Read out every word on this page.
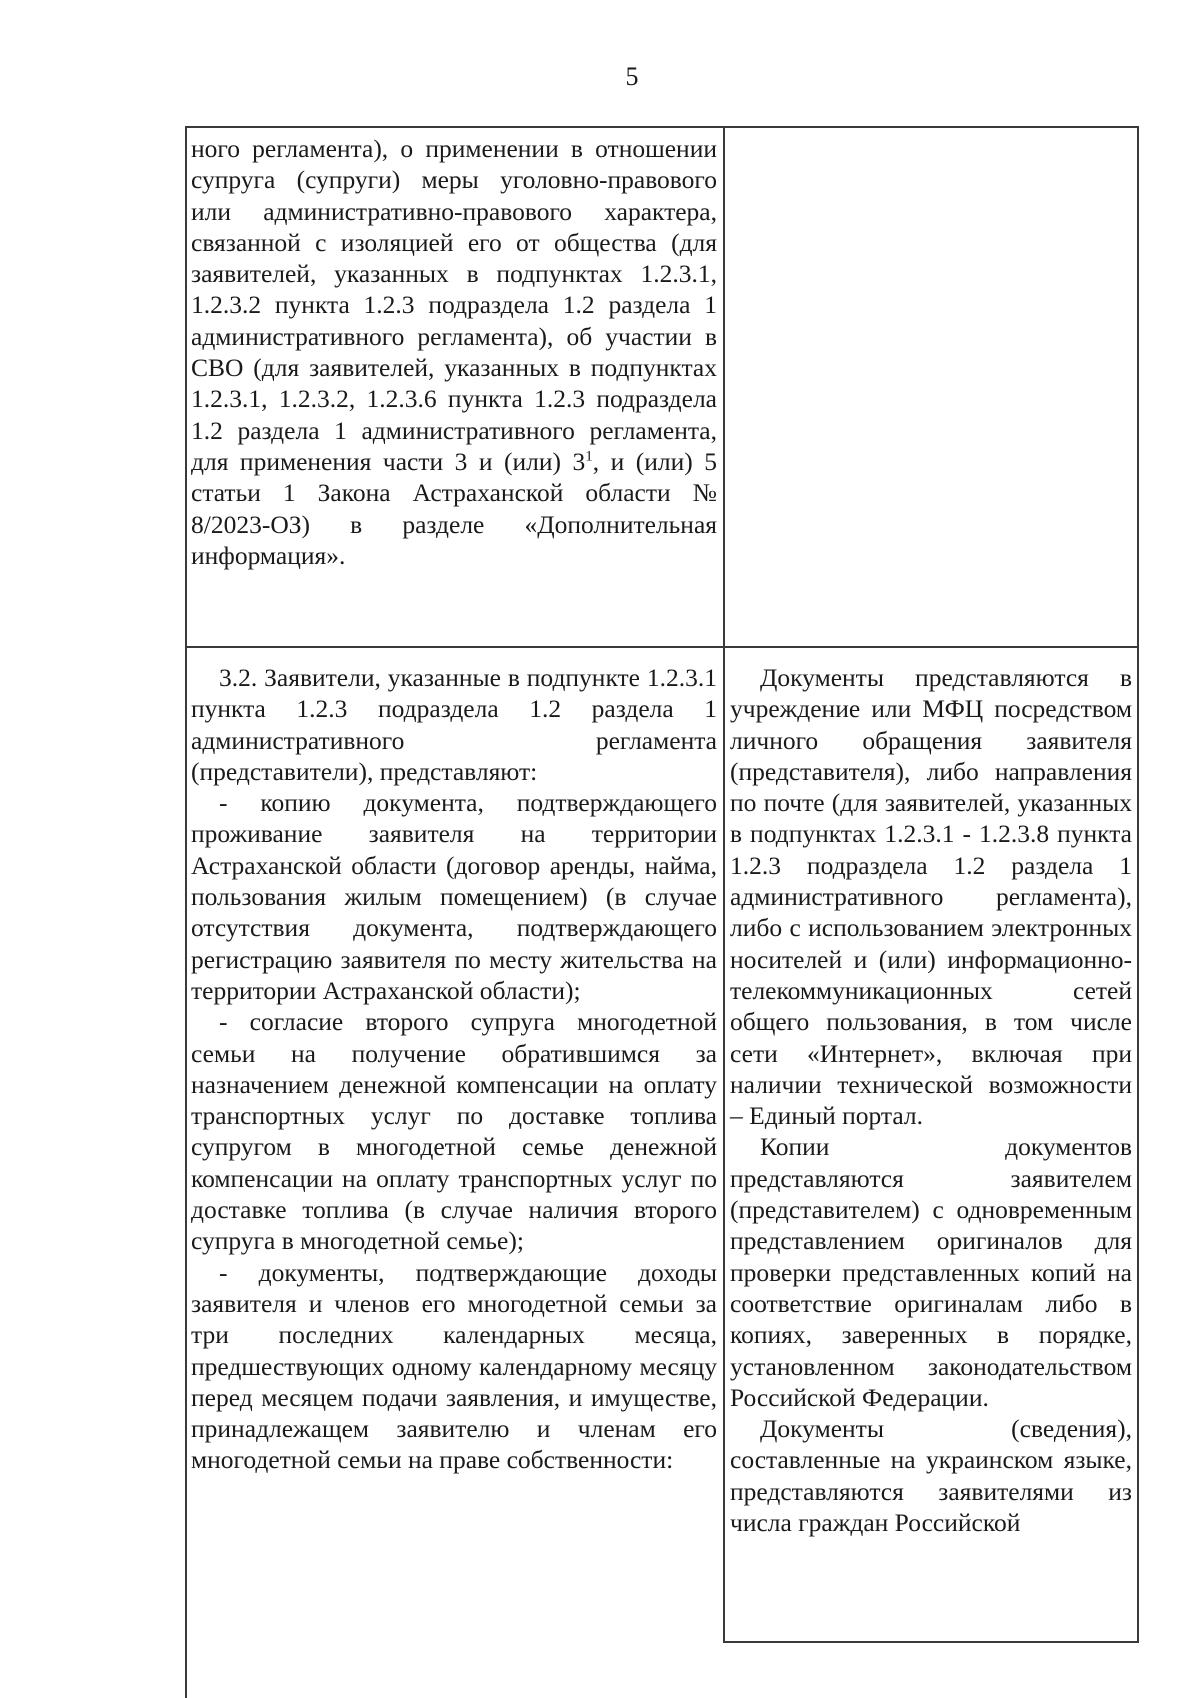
5

ного регламента), о применении в отношении супруга (супруги) меры уголовно-правового или административно-правового характера, связанной с изоляцией его от общества (для заявителей, указанных в подпунктах 1.2.3.1, 1.2.3.2 пункта 1.2.3 подраздела 1.2 раздела 1 административного регламента), об участии в СВО (для заявителей, указанных в подпунктах 1.2.3.1, 1.2.3.2, 1.2.3.6 пункта 1.2.3 подраздела 1.2 раздела 1 административного регламента, для применения части 3 и (или) $3^1$, и (или) 5 статьи 1 Закона Астраханской области № 8/2023-ОЗ) в разделе «Дополнительная информация».

3.2. Заявители, указанные в подпункте 1.2.3.1 пункта 1.2.3 подраздела 1.2 раздела 1 административного регламента (представители), представляют:

- копию документа, подтверждающего проживание заявителя на территории Астраханской области (договор аренды, найма, пользования жилым помещением) (в случае отсутствия документа, подтверждающего регистрацию заявителя по месту жительства на территории Астраханской области);

- согласие второго супруга многодетной семьи на получение обратившимся за назначением денежной компенсации на оплату транспортных услуг по доставке топлива супругом в многодетной семье денежной компенсации на оплату транспортных услуг по доставке топлива (в случае наличия второго супруга в многодетной семье);

- документы, подтверждающие доходы заявителя и членов его многодетной семьи за три последних календарных месяца, предшествующих одному календарному месяцу перед месяцем подачи заявления, и имуществе, принадлежащем заявителю и членам его многодетной семьи на праве собственности:

Документы представляются в учреждение или МФЦ посредством личного обращения заявителя (представителя), либо направления по почте (для заявителей, указанных в подпунктах 1.2.3.1 - 1.2.3.8 пункта 1.2.3 подраздела 1.2 раздела 1 административного регламента), либо с использованием электронных носителей и (или) информационно-телекоммуникационных сетей общего пользования, в том числе сети «Интернет», включая при наличии технической возможности – Единый портал.

Копии документов представляются заявителем (представителем) с одновременным представлением оригиналов для проверки представленных копий на соответствие оригиналам либо в копиях, заверенных в порядке, установленном законодательством Российской Федерации.

Документы (сведения), составленные на украинском языке, представляются заявителями из числа граждан Российской
